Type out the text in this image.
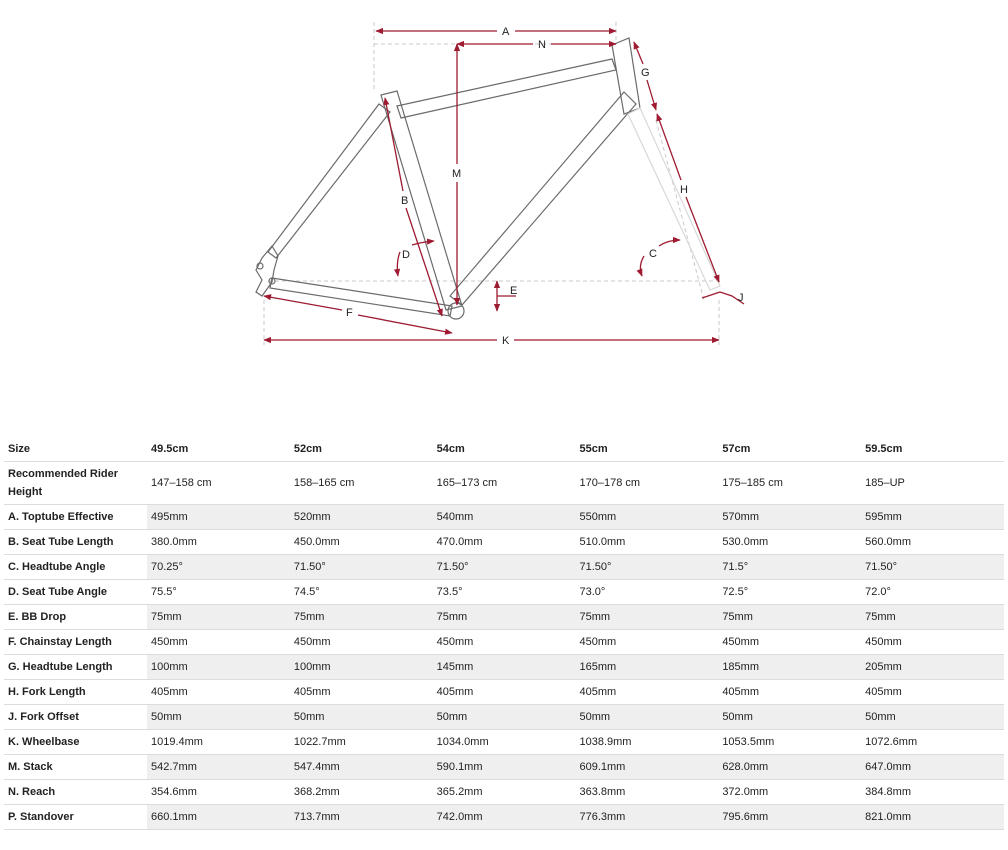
A
N
G
M
B
H
D	C
E
J
F
K
Size	49.5cm	52cm	54cm	55cm	57cm	59.5cm
Recommended Rider Height	147–158 cm	158–165 cm	165–173 cm	170–178 cm	175–185 cm	185–UP
A. Toptube Effective	495mm	520mm	540mm	550mm	570mm	595mm
B. Seat Tube Length	380.0mm	450.0mm	470.0mm	510.0mm	530.0mm	560.0mm
C. Headtube Angle	70.25°	71.50°	71.50°	71.50°	71.5°	71.50°
D. Seat Tube Angle	75.5°	74.5°	73.5°	73.0°	72.5°	72.0°
E. BB Drop	75mm	75mm	75mm	75mm	75mm	75mm
F. Chainstay Length	450mm	450mm	450mm	450mm	450mm	450mm
G. Headtube Length	100mm	100mm	145mm	165mm	185mm	205mm
H. Fork Length	405mm	405mm	405mm	405mm	405mm	405mm
J. Fork Offset	50mm	50mm	50mm	50mm	50mm	50mm
K. Wheelbase	1019.4mm	1022.7mm	1034.0mm	1038.9mm	1053.5mm	1072.6mm
M. Stack	542.7mm	547.4mm	590.1mm	609.1mm	628.0mm	647.0mm
N. Reach	354.6mm	368.2mm	365.2mm	363.8mm	372.0mm	384.8mm
P. Standover	660.1mm	713.7mm	742.0mm	776.3mm	795.6mm	821.0mm
